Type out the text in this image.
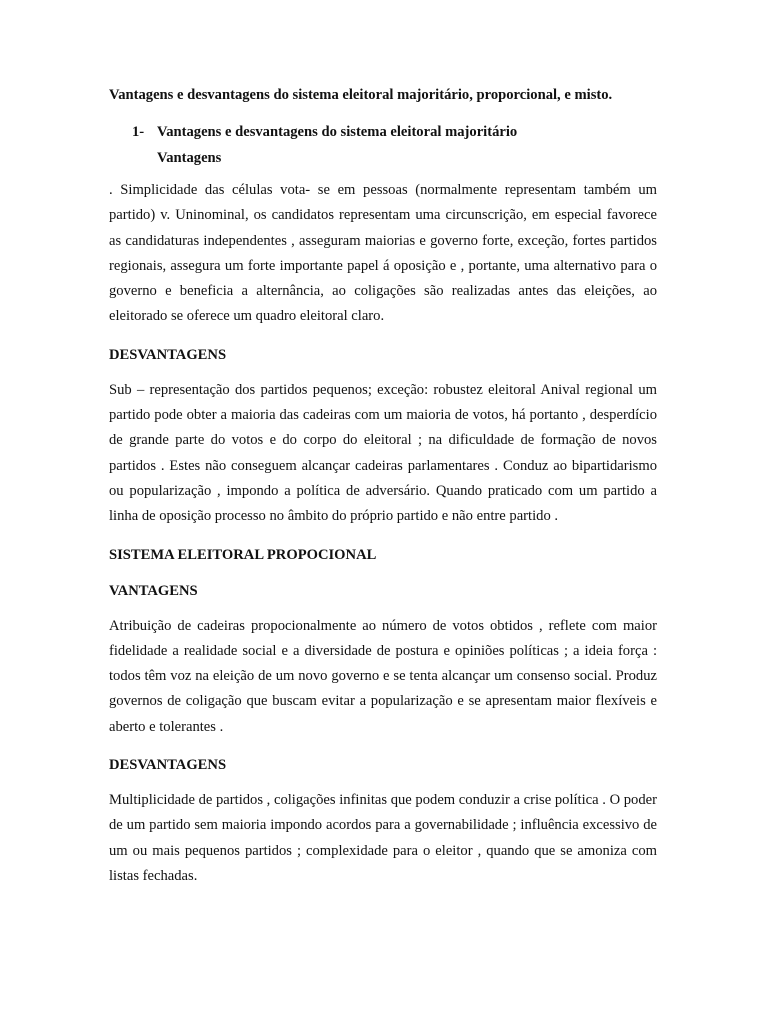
Vantagens e desvantagens do sistema eleitoral majoritário, proporcional, e misto.
1- Vantagens e desvantagens do sistema eleitoral majoritário
Vantagens

. Simplicidade das células vota- se em pessoas (normalmente representam também um partido) v. Uninominal, os candidatos representam uma circunscrição, em especial favorece as candidaturas independentes , asseguram maiorias e governo forte, exceção, fortes partidos regionais, assegura um forte importante papel á oposição e , portante, uma alternativo para o governo e beneficia a alternância, ao coligações são realizadas antes das eleições, ao eleitorado se oferece um quadro eleitoral claro.

DESVANTAGENS

Sub – representação dos partidos pequenos; exceção: robustez eleitoral Anival regional um partido pode obter a maioria das cadeiras com um maioria de votos, há portanto , desperdício de grande parte do votos e do corpo do eleitoral ; na dificuldade de formação de novos partidos . Estes não conseguem alcançar cadeiras parlamentares . Conduz ao bipartidarismo ou popularização , impondo a política de adversário. Quando praticado com um partido a linha de oposição processo no âmbito do próprio partido e não entre partido .

SISTEMA ELEITORAL PROPOCIONAL
VANTAGENS

Atribuição de cadeiras propocionalmente ao número de votos obtidos , reflete com maior fidelidade a realidade social e a diversidade de postura e opiniões políticas ; a ideia força : todos têm voz na eleição de um novo governo e se tenta alcançar um consenso social. Produz governos de coligação que buscam evitar a popularização e se apresentam maior flexíveis e aberto e tolerantes .

DESVANTAGENS

Multiplicidade de partidos , coligações infinitas que podem conduzir a crise política . O poder de um partido sem maioria impondo acordos para a governabilidade ; influência excessivo de um ou mais pequenos partidos ; complexidade para o eleitor , quando que se amoniza com listas fechadas.
